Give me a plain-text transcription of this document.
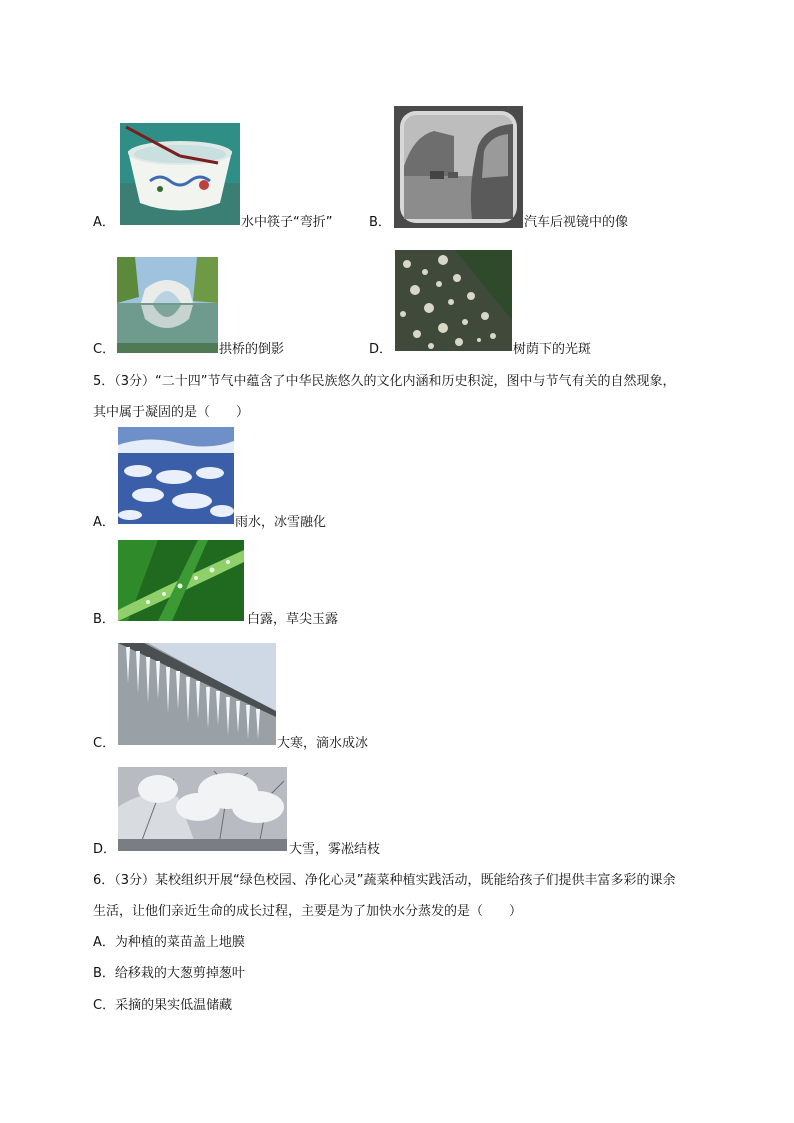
A．	水中筷子“弯折”	B．	汽车后视镜中的像
C．	拱桥的倒影	D．	树荫下的光斑
5．（3分）“二十四”节气中蕴含了中华民族悠久的文化内涵和历史积淀，图中与节气有关的自然现象，
其中属于凝固的是（　　）
A．	雨水，冰雪融化
B．	白露，草尖玉露
C．	大寒，滴水成冰
D．	大雪，雾凇结枝
6．（3分）某校组织开展“绿色校园、净化心灵”蔬菜种植实践活动，既能给孩子们提供丰富多彩的课余
生活，让他们亲近生命的成长过程，主要是为了加快水分蒸发的是（　　）
A．为种植的菜苗盖上地膜
B．给移栽的大葱剪掉葱叶
C．采摘的果实低温储藏
